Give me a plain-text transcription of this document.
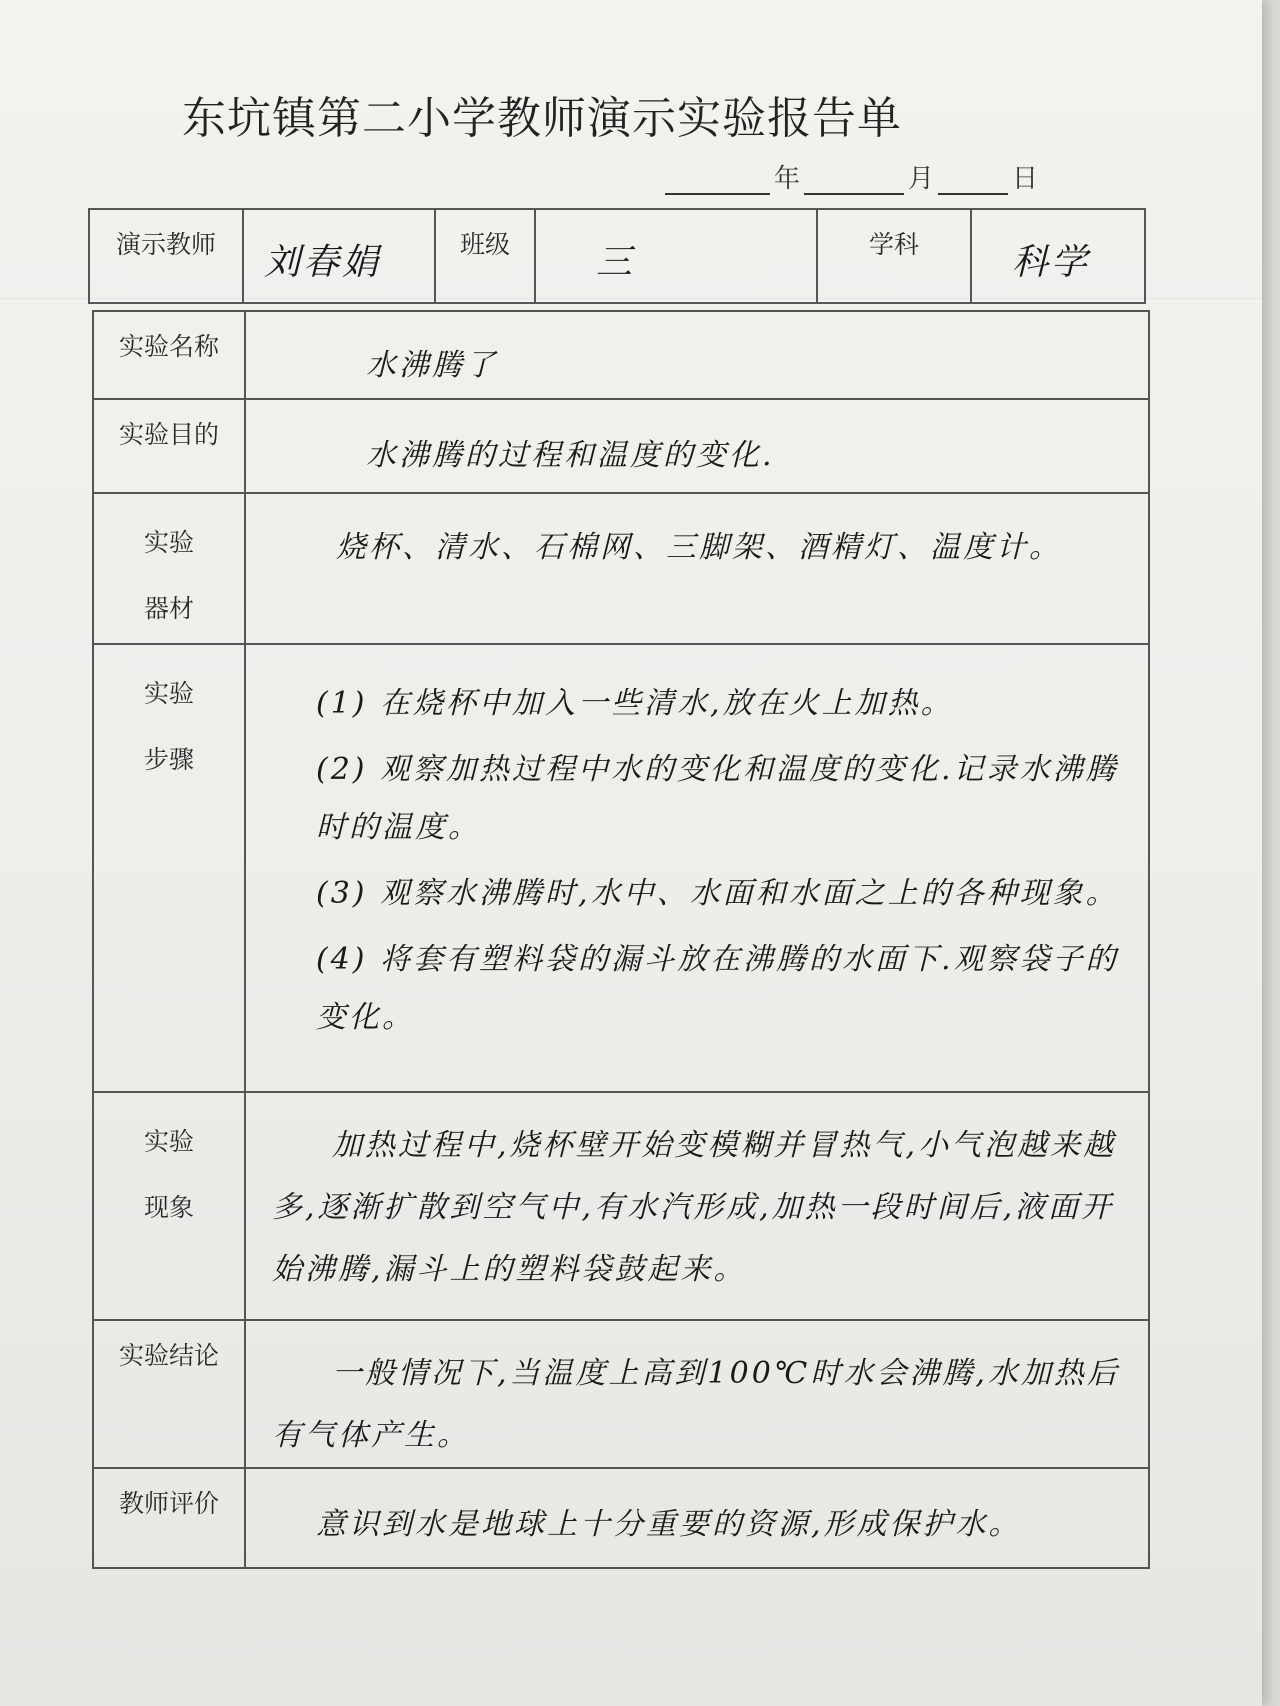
东坑镇第二小学教师演示实验报告单
年	月	日
演示教师	刘春娟	班级	三	学科	科学
实验名称	水沸腾了
实验目的	水沸腾的过程和温度的变化.
实验
器材	烧杯、清水、石棉网、三脚架、酒精灯、温度计。
实验
步骤	(1) 在烧杯中加入一些清水,放在火上加热。
(2) 观察加热过程中水的变化和温度的变化.记录水沸腾时的温度。
(3) 观察水沸腾时,水中、水面和水面之上的各种现象。
(4) 将套有塑料袋的漏斗放在沸腾的水面下.观察袋子的变化。

实验
现象	加热过程中,烧杯壁开始变模糊并冒热气,小气泡越来越多,逐渐扩散到空气中,有水汽形成,加热一段时间后,液面开始沸腾,漏斗上的塑料袋鼓起来。
实验结论	一般情况下,当温度上高到100℃时水会沸腾,水加热后有气体产生。
教师评价	意识到水是地球上十分重要的资源,形成保护水。
